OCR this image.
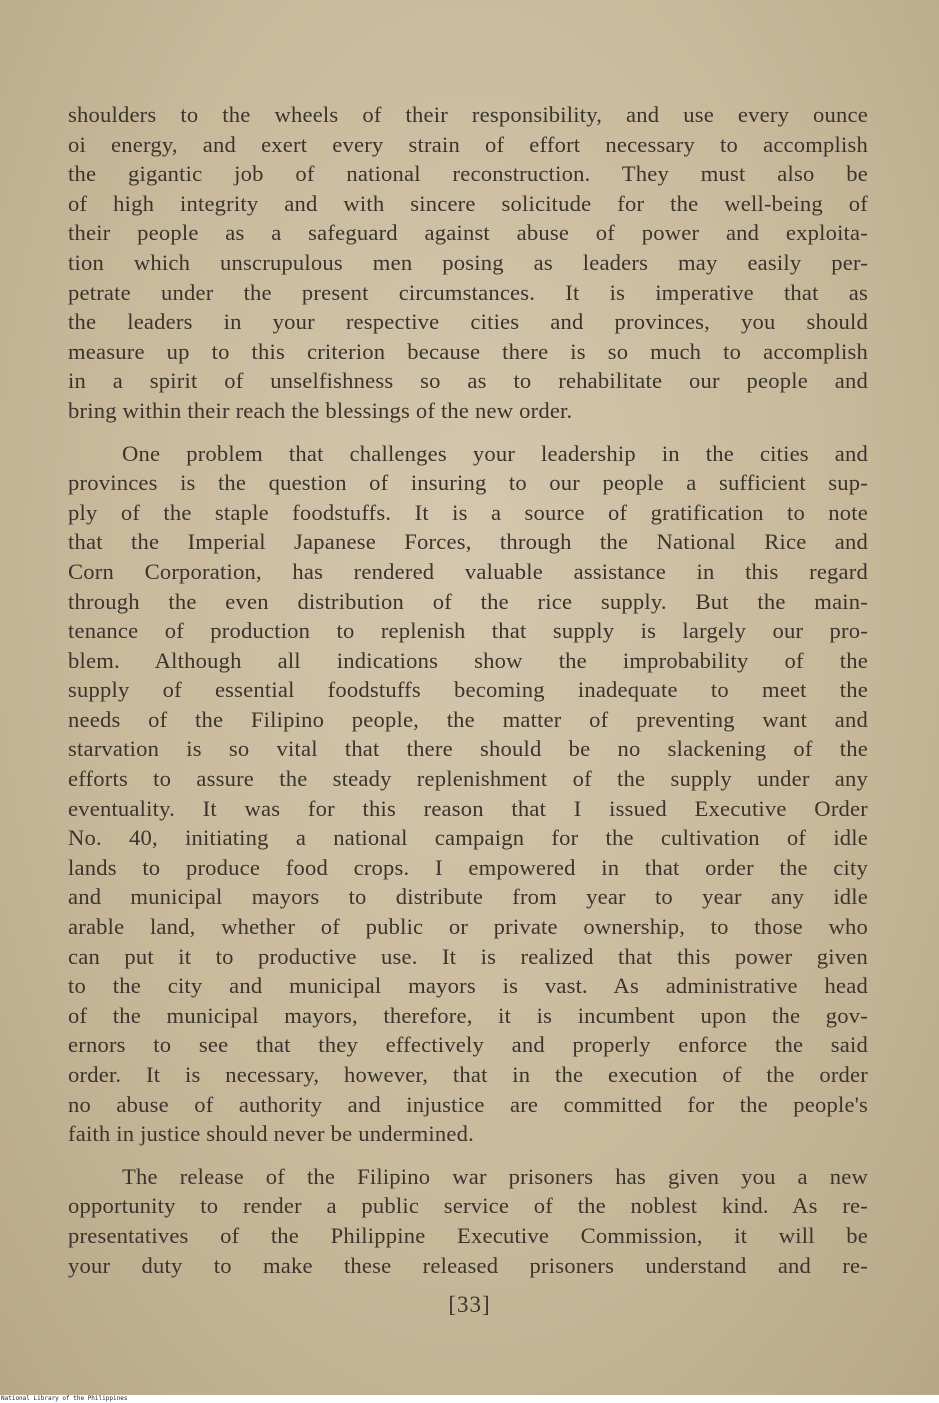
shoulders to the wheels of their responsibility, and use every ounce
oi energy, and exert every strain of effort necessary to accomplish
the gigantic job of national reconstruction. They must also be
of high integrity and with sincere solicitude for the well-being of
their people as a safeguard against abuse of power and exploita-
tion which unscrupulous men posing as leaders may easily per-
petrate under the present circumstances. It is imperative that as
the leaders in your respective cities and provinces, you should
measure up to this criterion because there is so much to accomplish
in a spirit of unselfishness so as to rehabilitate our people and
bring within their reach the blessings of the new order.
One problem that challenges your leadership in the cities and
provinces is the question of insuring to our people a sufficient sup-
ply of the staple foodstuffs. It is a source of gratification to note
that the Imperial Japanese Forces, through the National Rice and
Corn Corporation, has rendered valuable assistance in this regard
through the even distribution of the rice supply. But the main-
tenance of production to replenish that supply is largely our pro-
blem. Although all indications show the improbability of the
supply of essential foodstuffs becoming inadequate to meet the
needs of the Filipino people, the matter of preventing want and
starvation is so vital that there should be no slackening of the
efforts to assure the steady replenishment of the supply under any
eventuality. It was for this reason that I issued Executive Order
No. 40, initiating a national campaign for the cultivation of idle
lands to produce food crops. I empowered in that order the city
and municipal mayors to distribute from year to year any idle
arable land, whether of public or private ownership, to those who
can put it to productive use. It is realized that this power given
to the city and municipal mayors is vast. As administrative head
of the municipal mayors, therefore, it is incumbent upon the gov-
ernors to see that they effectively and properly enforce the said
order. It is necessary, however, that in the execution of the order
no abuse of authority and injustice are committed for the people's
faith in justice should never be undermined.
The release of the Filipino war prisoners has given you a new
opportunity to render a public service of the noblest kind. As re-
presentatives of the Philippine Executive Commission, it will be
your duty to make these released prisoners understand and re-
[33]
National Library of the Philippines
